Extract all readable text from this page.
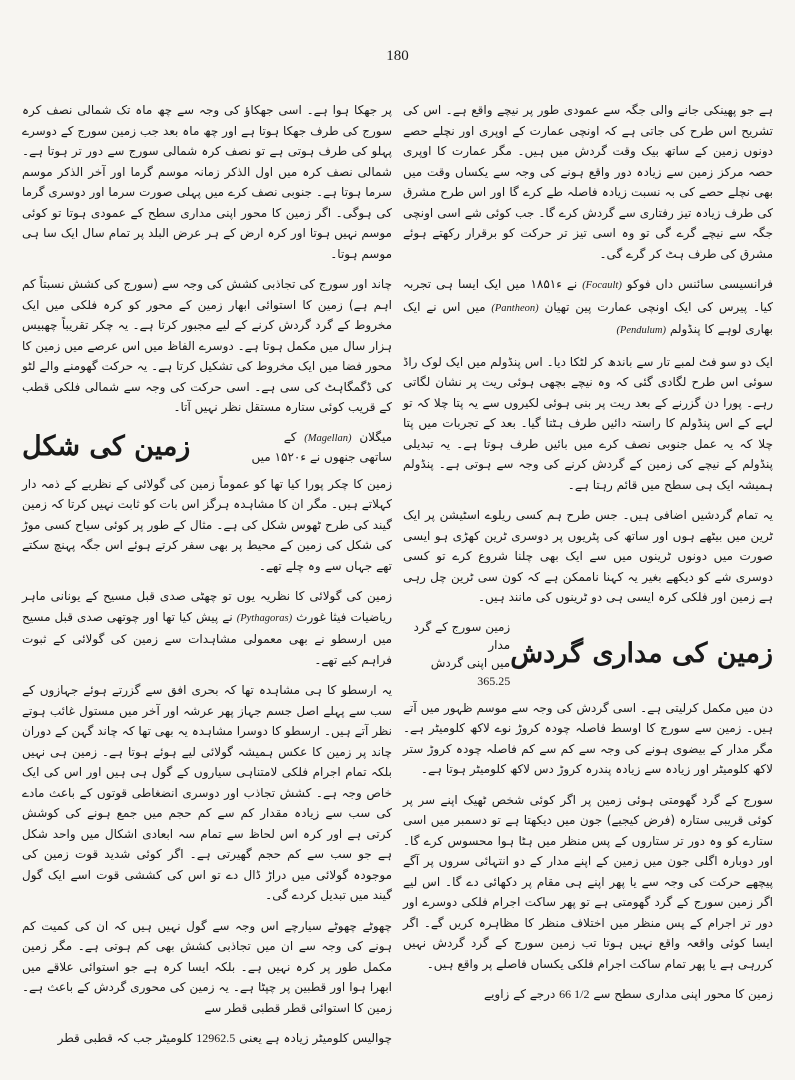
180

ہے جو پھینکی جانے والی جگہ سے عمودی طور پر نیچے واقع ہے۔ اس کی تشریح اس طرح کی جاتی ہے کہ اونچی عمارت کے اوپری اور نچلے حصے دونوں زمین کے ساتھ بیک وقت گردش میں ہیں۔ مگر عمارت کا اوپری حصہ مرکز زمین سے زیادہ دور واقع ہونے کی وجہ سے یکساں وقت میں بھی نچلے حصے کی بہ نسبت زیادہ فاصلہ طے کرے گا اور اس طرح مشرق کی طرف زیادہ تیز رفتاری سے گردش کرے گا۔ جب کوئی شے اسی اونچی جگہ سے نیچے گرے گی تو وہ اسی تیز تر حرکت کو برقرار رکھتے ہوئے مشرق کی طرف ہٹ کر گرے گی۔

فرانسیسی سائنس داں فوکو (Focault) نے ۱۸۵۱ء میں ایک ایسا ہی تجربہ کیا۔ پیرس کی ایک اونچی عمارت پین تھیان (Pantheon) میں اس نے ایک بھاری لوہے کا پنڈولم (Pendulum)

ایک دو سو فٹ لمبے تار سے باندھ کر لٹکا دیا۔ اس پنڈولم میں ایک لوک راڈ سوئی اس طرح لگادی گئی کہ وہ نیچے بچھی ہوئی ریت پر نشان لگاتی رہے۔ پورا دن گزرنے کے بعد ریت پر بنی ہوئی لکیروں سے یہ پتا چلا کہ تو لہے کے اس پنڈولم کا راستہ دائیں طرف ہٹتا گیا۔ بعد کے تجربات میں پتا چلا کہ یہ عمل جنوبی نصف کرے میں بائیں طرف ہوتا ہے۔ یہ تبدیلی پنڈولم کے نیچے کی زمین کے گردش کرنے کی وجہ سے ہوتی ہے۔ پنڈولم ہمیشہ ایک ہی سطح میں قائم رہتا ہے۔

یہ تمام گردشیں اضافی ہیں۔ جس طرح ہم کسی ریلوے اسٹیشن پر ایک ٹرین میں بیٹھے ہوں اور ساتھ کی پٹریوں پر دوسری ٹرین کھڑی ہو ایسی صورت میں دونوں ٹرینوں میں سے ایک بھی چلنا شروع کرے تو کسی دوسری شے کو دیکھے بغیر یہ کہنا ناممکن ہے کہ کون سی ٹرین چل رہی ہے زمین اور فلکی کرہ ایسی ہی دو ٹرینوں کی مانند ہیں۔

زمین کی مداری گردش
زمین سورج کے گرد مدار
میں اپنی گردش 365.25

دن میں مکمل کرلیتی ہے۔ اسی گردش کی وجہ سے موسم ظہور میں آتے ہیں۔ زمین سے سورج کا اوسط فاصلہ چودہ کروڑ نوے لاکھ کلومیٹر ہے۔ مگر مدار کے بیضوی ہونے کی وجہ سے کم سے کم فاصلہ چودہ کروڑ ستر لاکھ کلومیٹر اور زیادہ سے زیادہ پندرہ کروڑ دس لاکھ کلومیٹر ہوتا ہے۔

سورج کے گرد گھومتی ہوئی زمین پر اگر کوئی شخص ٹھیک اپنے سر پر کوئی قریبی ستارہ (فرض کیجیے) جون میں دیکھتا ہے تو دسمبر میں اسی ستارے کو وہ دور تر ستاروں کے پس منظر میں ہٹا ہوا محسوس کرے گا۔ اور دوبارہ اگلی جون میں زمین کے اپنے مدار کے دو انتہائی سروں پر آگے پیچھے حرکت کی وجہ سے یا پھر اپنے ہی مقام پر دکھائی دے گا۔ اس لیے اگر زمین سورج کے گرد گھومتی ہے تو پھر ساکت اجرام فلکی دوسرے اور دور تر اجرام کے پس منظر میں اختلاف منظر کا مظاہرہ کریں گے۔ اگر ایسا کوئی واقعہ واقع نہیں ہوتا تب زمین سورج کے گرد گردش نہیں کررہی ہے یا پھر تمام ساکت اجرام فلکی یکساں فاصلے پر واقع ہیں۔

زمین کا محور اپنی مداری سطح سے 66 1/2 درجے کے زاویے

پر جھکا ہوا ہے۔ اسی جھکاؤ کی وجہ سے چھ ماہ تک شمالی نصف کرہ سورج کی طرف جھکا ہوتا ہے اور چھ ماہ بعد جب زمین سورج کے دوسرے پہلو کی طرف ہوتی ہے تو نصف کرہ شمالی سورج سے دور تر ہوتا ہے۔ شمالی نصف کرہ میں اول الذکر زمانہ موسم گرما اور آخر الذکر موسم سرما ہوتا ہے۔ جنوبی نصف کرے میں پہلی صورت سرما اور دوسری گرما کی ہوگی۔ اگر زمین کا محور اپنی مداری سطح کے عمودی ہوتا تو کوئی موسم نہیں ہوتا اور کرہ ارض کے ہر عرض البلد پر تمام سال ایک سا ہی موسم ہوتا۔

چاند اور سورج کی تجاذبی کشش کی وجہ سے (سورج کی کشش نسبتاً کم اہم ہے) زمین کا استوائی ابھار زمین کے محور کو کرہ فلکی میں ایک مخروط کے گرد گردش کرنے کے لیے مجبور کرتا ہے۔ یہ چکر تقریباً چھبیس ہزار سال میں مکمل ہوتا ہے۔ دوسرے الفاظ میں اس عرصے میں زمین کا محور فضا میں ایک مخروط کی تشکیل کرتا ہے۔ یہ حرکت گھومنے والے لٹو کی ڈگمگاہٹ کی سی ہے۔ اسی حرکت کی وجہ سے شمالی فلکی قطب کے قریب کوئی ستارہ مستقل نظر نہیں آتا۔

میگلان (Magellan) کے
ساتھی جنھوں نے ۱۵۲۰ء میں
زمین کی شکل

زمین کا چکر پورا کیا تھا کو عموماً زمین کی گولائی کے نظریے کے ذمہ دار کہلاتے ہیں۔ مگر ان کا مشاہدہ ہرگز اس بات کو ثابت نہیں کرتا کہ زمین گیند کی طرح ٹھوس شکل کی ہے۔ مثال کے طور پر کوئی سیاح کسی موڑ کی شکل کی زمین کے محیط پر بھی سفر کرتے ہوئے اس جگہ پہنچ سکتے تھے جہاں سے وہ چلے تھے۔

زمین کی گولائی کا نظریہ یوں تو چھٹی صدی قبل مسیح کے یونانی ماہر ریاضیات فیثا غورث (Pythagoras) نے پیش کیا تھا اور چوتھی صدی قبل مسیح میں ارسطو نے بھی معمولی مشاہدات سے زمین کی گولائی کے ثبوت فراہم کیے تھے۔

یہ ارسطو کا ہی مشاہدہ تھا کہ بحری افق سے گزرتے ہوئے جہازوں کے سب سے پہلے اصل جسم جہاز پھر عرشہ اور آخر میں مستول غائب ہوتے نظر آتے ہیں۔ ارسطو کا دوسرا مشاہدہ یہ بھی تھا کہ چاند گہن کے دوران چاند پر زمین کا عکس ہمیشہ گولائی لیے ہوئے ہوتا ہے۔ زمین ہی نہیں بلکہ تمام اجرام فلکی لامتناہی سیاروں کے گول ہی ہیں اور اس کی ایک خاص وجہ ہے۔ کشش تجاذب اور دوسری انضغاطی قوتوں کے باعث مادے کی سب سے زیادہ مقدار کم سے کم حجم میں جمع ہونے کی کوشش کرتی ہے اور کرہ اس لحاظ سے تمام سہ ابعادی اشکال میں واحد شکل ہے جو سب سے کم حجم گھیرتی ہے۔ اگر کوئی شدید قوت زمین کی موجودہ گولائی میں دراڑ ڈال دے تو اس کی کششی قوت اسے ایک گول گیند میں تبدیل کردے گی۔

چھوٹے چھوٹے سیارچے اس وجہ سے گول نہیں ہیں کہ ان کی کمیت کم ہونے کی وجہ سے ان میں تجاذبی کشش بھی کم ہوتی ہے۔ مگر زمین مکمل طور پر کرہ نہیں ہے۔ بلکہ ایسا کرہ ہے جو استوائی علاقے میں ابھرا ہوا اور قطبین پر چپٹا ہے۔ یہ زمین کی محوری گردش کے باعث ہے۔ زمین کا استوائی قطر قطبی قطر سے

چوالیس کلومیٹر زیادہ ہے یعنی 12962.5 کلومیٹر جب کہ قطبی قطر
